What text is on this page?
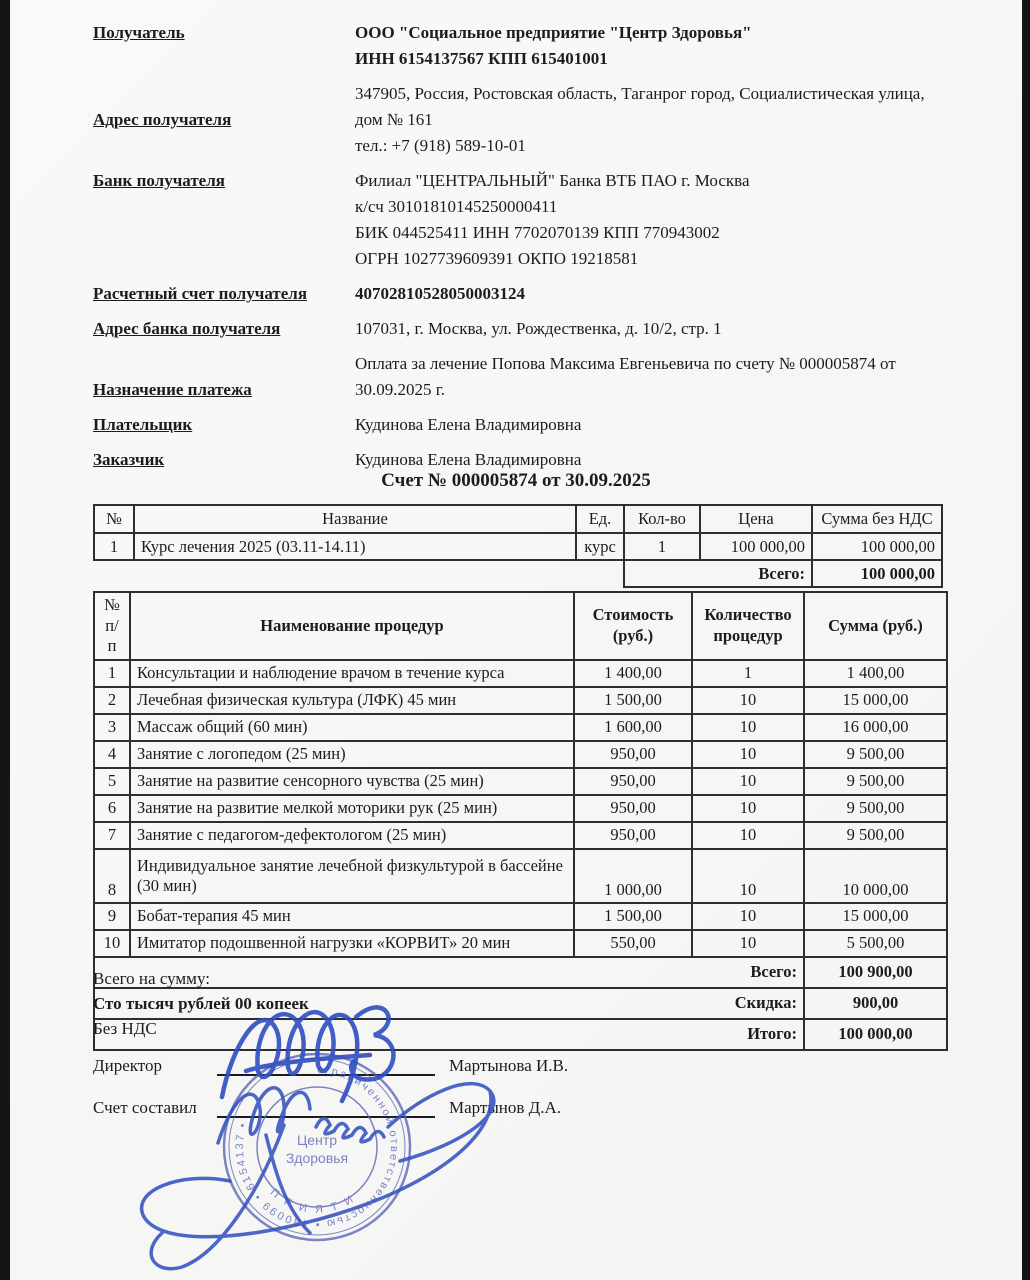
Получатель	ООО "Социальное предприятие "Центр Здоровья"
ИНН 6154137567 КПП 615401001
Адрес получателя
347905, Россия, Ростовская область, Таганрог город, Социалистическая улица, дом № 161
тел.: +7 (918) 589-10-01
Банк получателя	Филиал "ЦЕНТРАЛЬНЫЙ" Банка ВТБ ПАО г. Москва
к/сч 30101810145250000411
БИК 044525411 ИНН 7702070139 КПП 770943002
ОГРН 1027739609391 ОКПО 19218581
Расчетный счет получателя	40702810528050003124
Адрес банка получателя	107031, г. Москва, ул. Рождественка, д. 10/2, стр. 1
Назначение платежа
Оплата за лечение Попова Максима Евгеньевича по счету № 000005874 от 30.09.2025 г.
Плательщик	Кудинова Елена Владимировна
Заказчик	Кудинова Елена Владимировна
Счет № 000005874 от 30.09.2025
№	Название	Ед.	Кол-во	Цена	Сумма без НДС
1	Курс лечения 2025 (03.11-14.11)	курс	1	100 000,00	100 000,00
			Всего:		100 000,00
№ п/п	Наименование процедур	Стоимость (руб.)	Количество процедур	Сумма (руб.)
1	Консультации и наблюдение врачом в течение курса	1 400,00	1	1 400,00
2	Лечебная физическая культура (ЛФК) 45 мин	1 500,00	10	15 000,00
3	Массаж общий (60 мин)	1 600,00	10	16 000,00
4	Занятие с логопедом (25 мин)	950,00	10	9 500,00
5	Занятие на развитие сенсорного чувства (25 мин)	950,00	10	9 500,00
6	Занятие на развитие мелкой моторики рук (25 мин)	950,00	10	9 500,00
7	Занятие с педагогом-дефектологом (25 мин)	950,00	10	9 500,00
8	Индивидуальное занятие лечебной физкультурой в бассейне (30 мин)	1 000,00	10	10 000,00
9	Бобат-терапия 45 мин	1 500,00	10	15 000,00
10	Имитатор подошвенной нагрузки «КОРВИТ» 20 мин	550,00	10	5 500,00
Всего:				100 900,00
Скидка:				900,00
Итого:				100 000,00
Всего на сумму:
Сто тысяч рублей 00 копеек
Без НДС
Директор	Мартынова И.В.
Счет составил	Мартынов Д.А.
ограниченной ответственностью • 430099 • 6154137 •
П Р И Я Т И
Центр
Здоровья
